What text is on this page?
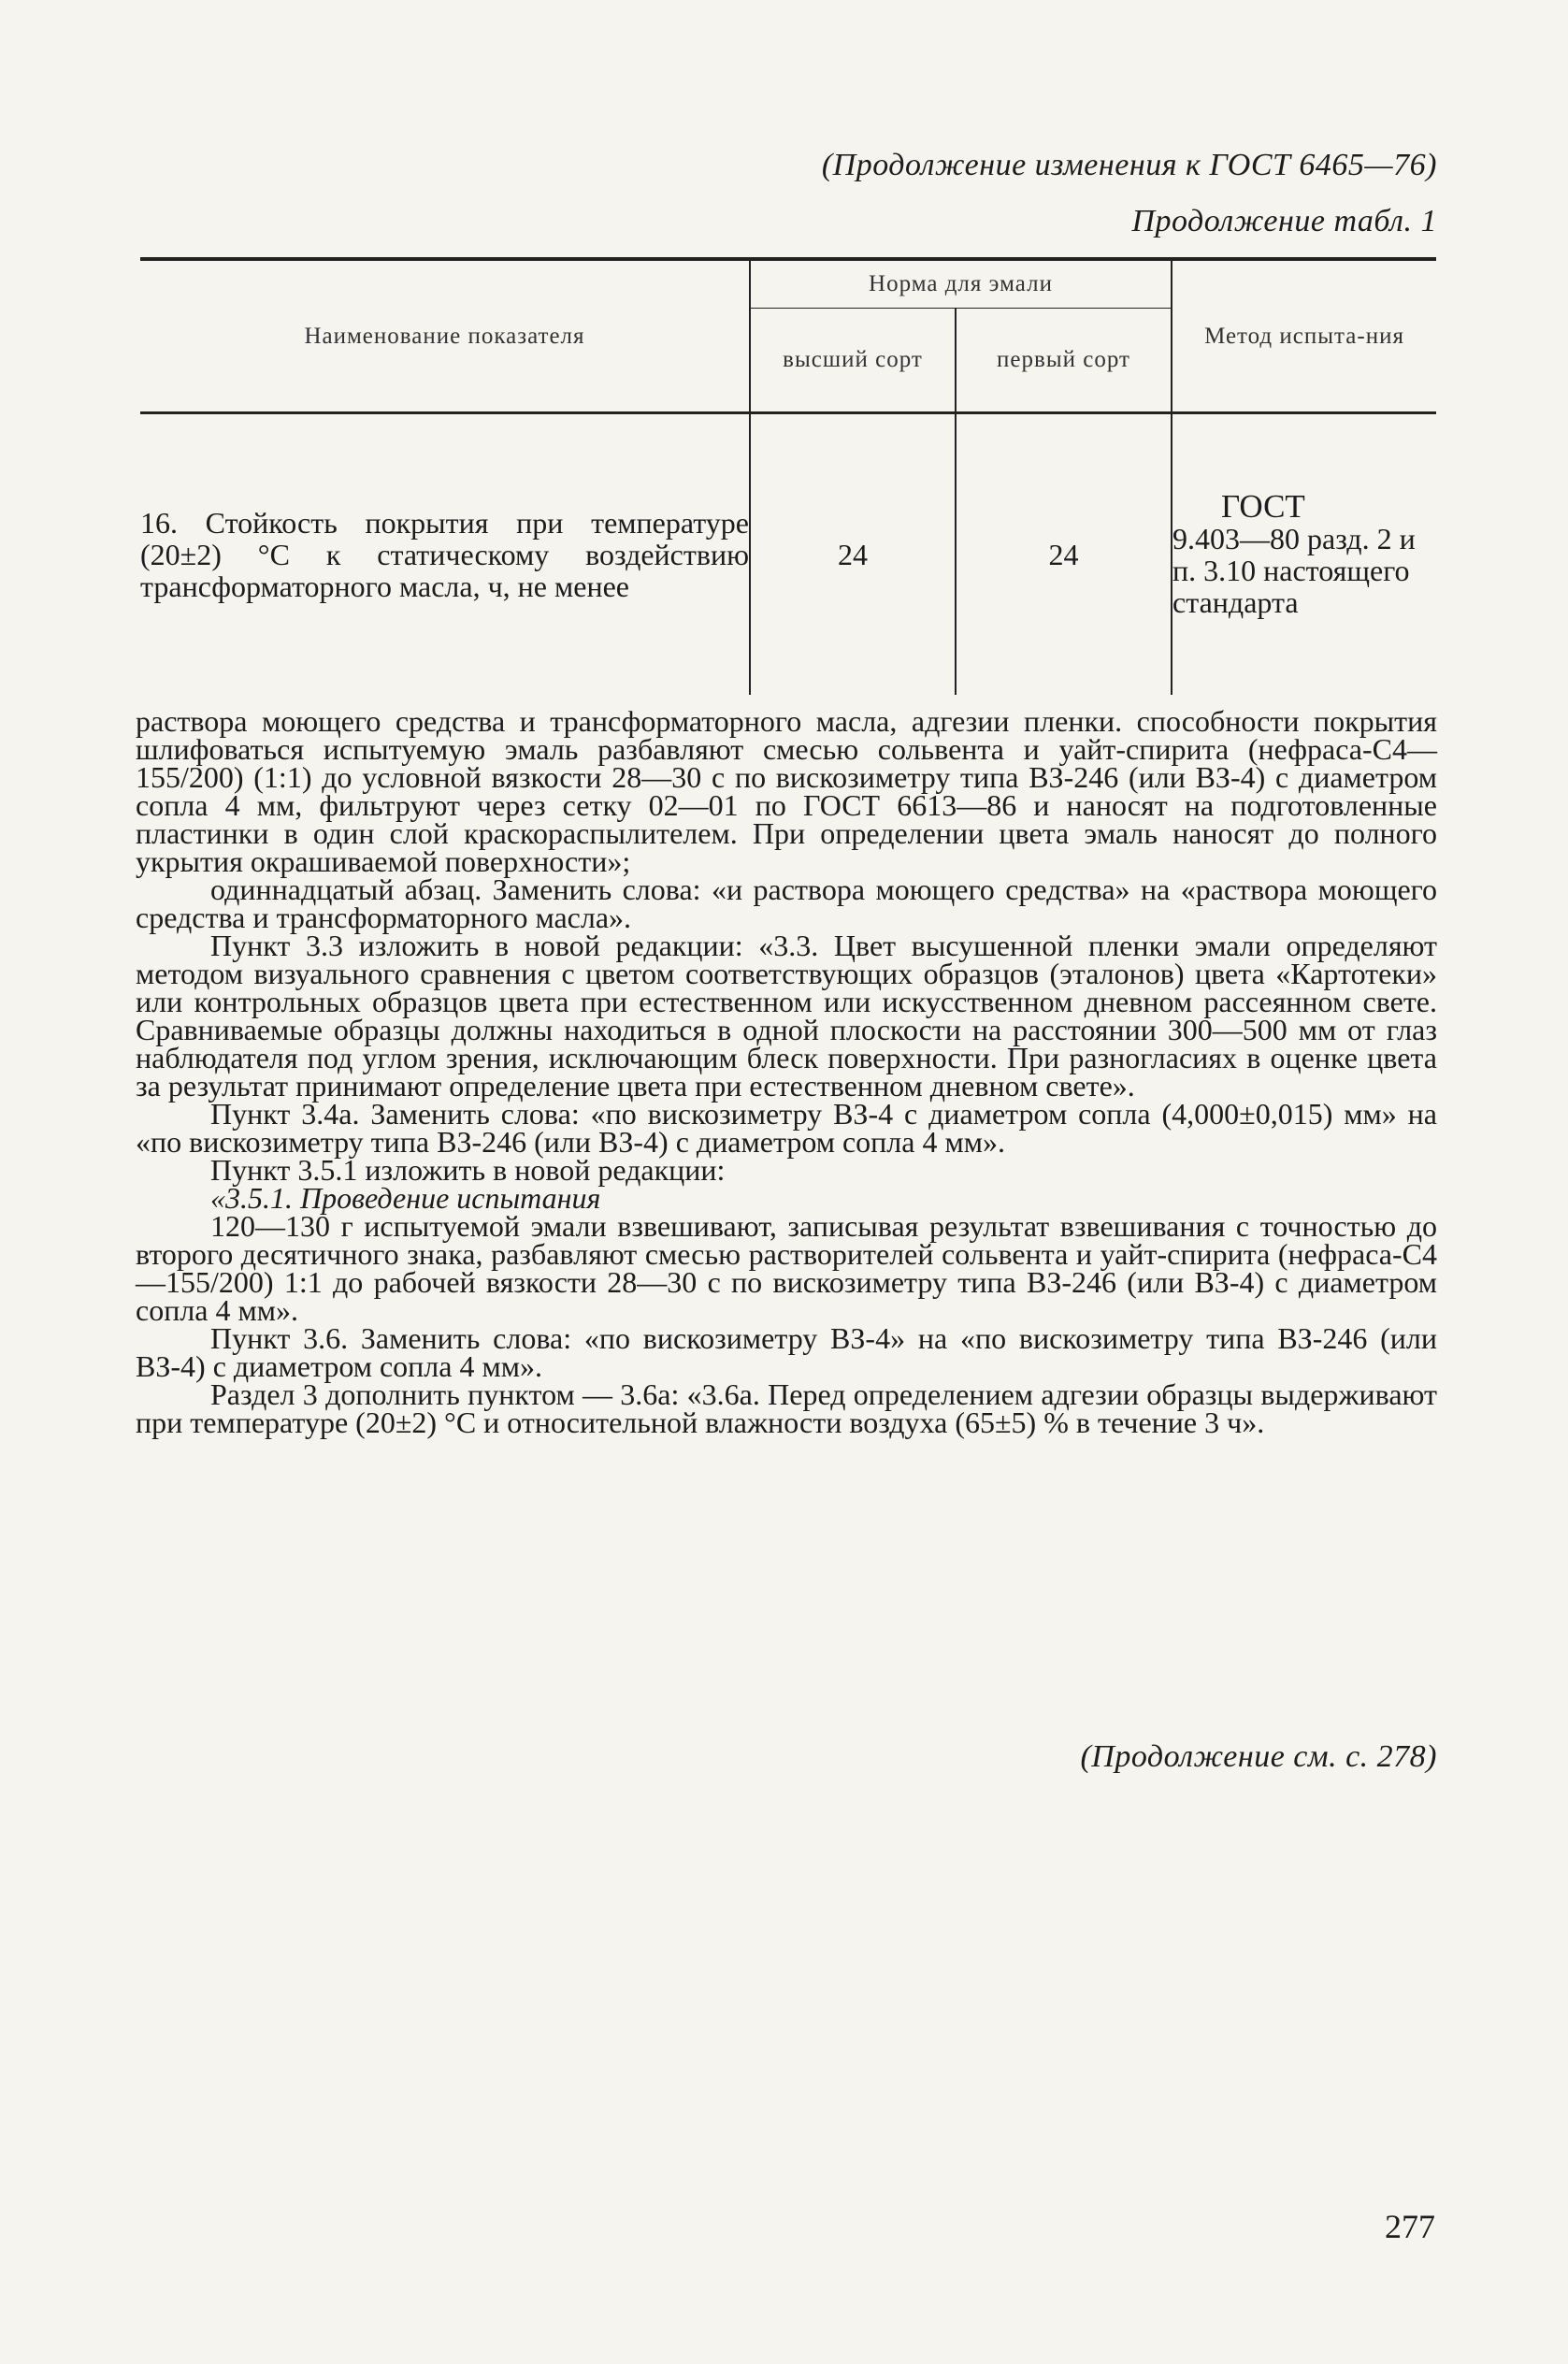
(Продолжение изменения к ГОСТ 6465—76)
Продолжение табл. 1
Наименование показателя	Норма для эмали		Метод испыта-ния
	высший сорт	первый сорт	
16. Стойкость покрытия при температуре (20±2) °С к статическому воздействию трансформаторного масла, ч, не менее	24	24	ГОСТ
9.403—80 разд. 2 и п. 3.10 настоящего стандарта

раствора моющего средства и трансформаторного масла, адгезии пленки. способности покрытия шлифоваться испытуемую эмаль разбавляют смесью сольвента и уайт-спирита (нефраса-С4—155/200) (1:1) до условной вязкости 28—30 с по вискозиметру типа ВЗ-246 (или ВЗ-4) с диаметром сопла 4 мм, фильтруют через сетку 02—01 по ГОСТ 6613—86 и наносят на подготовленные пластинки в один слой краскораспылителем. При определении цвета эмаль наносят до полного укрытия окрашиваемой поверхности»;

одиннадцатый абзац. Заменить слова: «и раствора моющего средства» на «раствора моющего средства и трансформаторного масла».

Пункт 3.3 изложить в новой редакции: «3.3. Цвет высушенной пленки эмали определяют методом визуального сравнения с цветом соответствующих образцов (эталонов) цвета «Картотеки» или контрольных образцов цвета при естественном или искусственном дневном рассеянном свете. Сравниваемые образцы должны находиться в одной плоскости на расстоянии 300—500 мм от глаз наблюдателя под углом зрения, исключающим блеск поверхности. При разногласиях в оценке цвета за результат принимают определение цвета при естественном дневном свете».

Пункт 3.4а. Заменить слова: «по вискозиметру ВЗ-4 с диаметром сопла (4,000±0,015) мм» на «по вискозиметру типа ВЗ-246 (или ВЗ-4) с диаметром сопла 4 мм».

Пункт 3.5.1 изложить в новой редакции:

«3.5.1. Проведение испытания

120—130 г испытуемой эмали взвешивают, записывая результат взвешивания с точностью до второго десятичного знака, разбавляют смесью растворителей сольвента и уайт-спирита (нефраса-С4—155/200) 1:1 до рабочей вязкости 28—30 с по вискозиметру типа ВЗ-246 (или ВЗ-4) с диаметром сопла 4 мм».

Пункт 3.6. Заменить слова: «по вискозиметру ВЗ-4» на «по вискозиметру типа ВЗ-246 (или ВЗ-4) с диаметром сопла 4 мм».

Раздел 3 дополнить пунктом — 3.6а: «3.6а. Перед определением адгезии образцы выдерживают при температуре (20±2) °С и относительной влажности воздуха (65±5) % в течение 3 ч».

(Продолжение см. с. 278)
277
